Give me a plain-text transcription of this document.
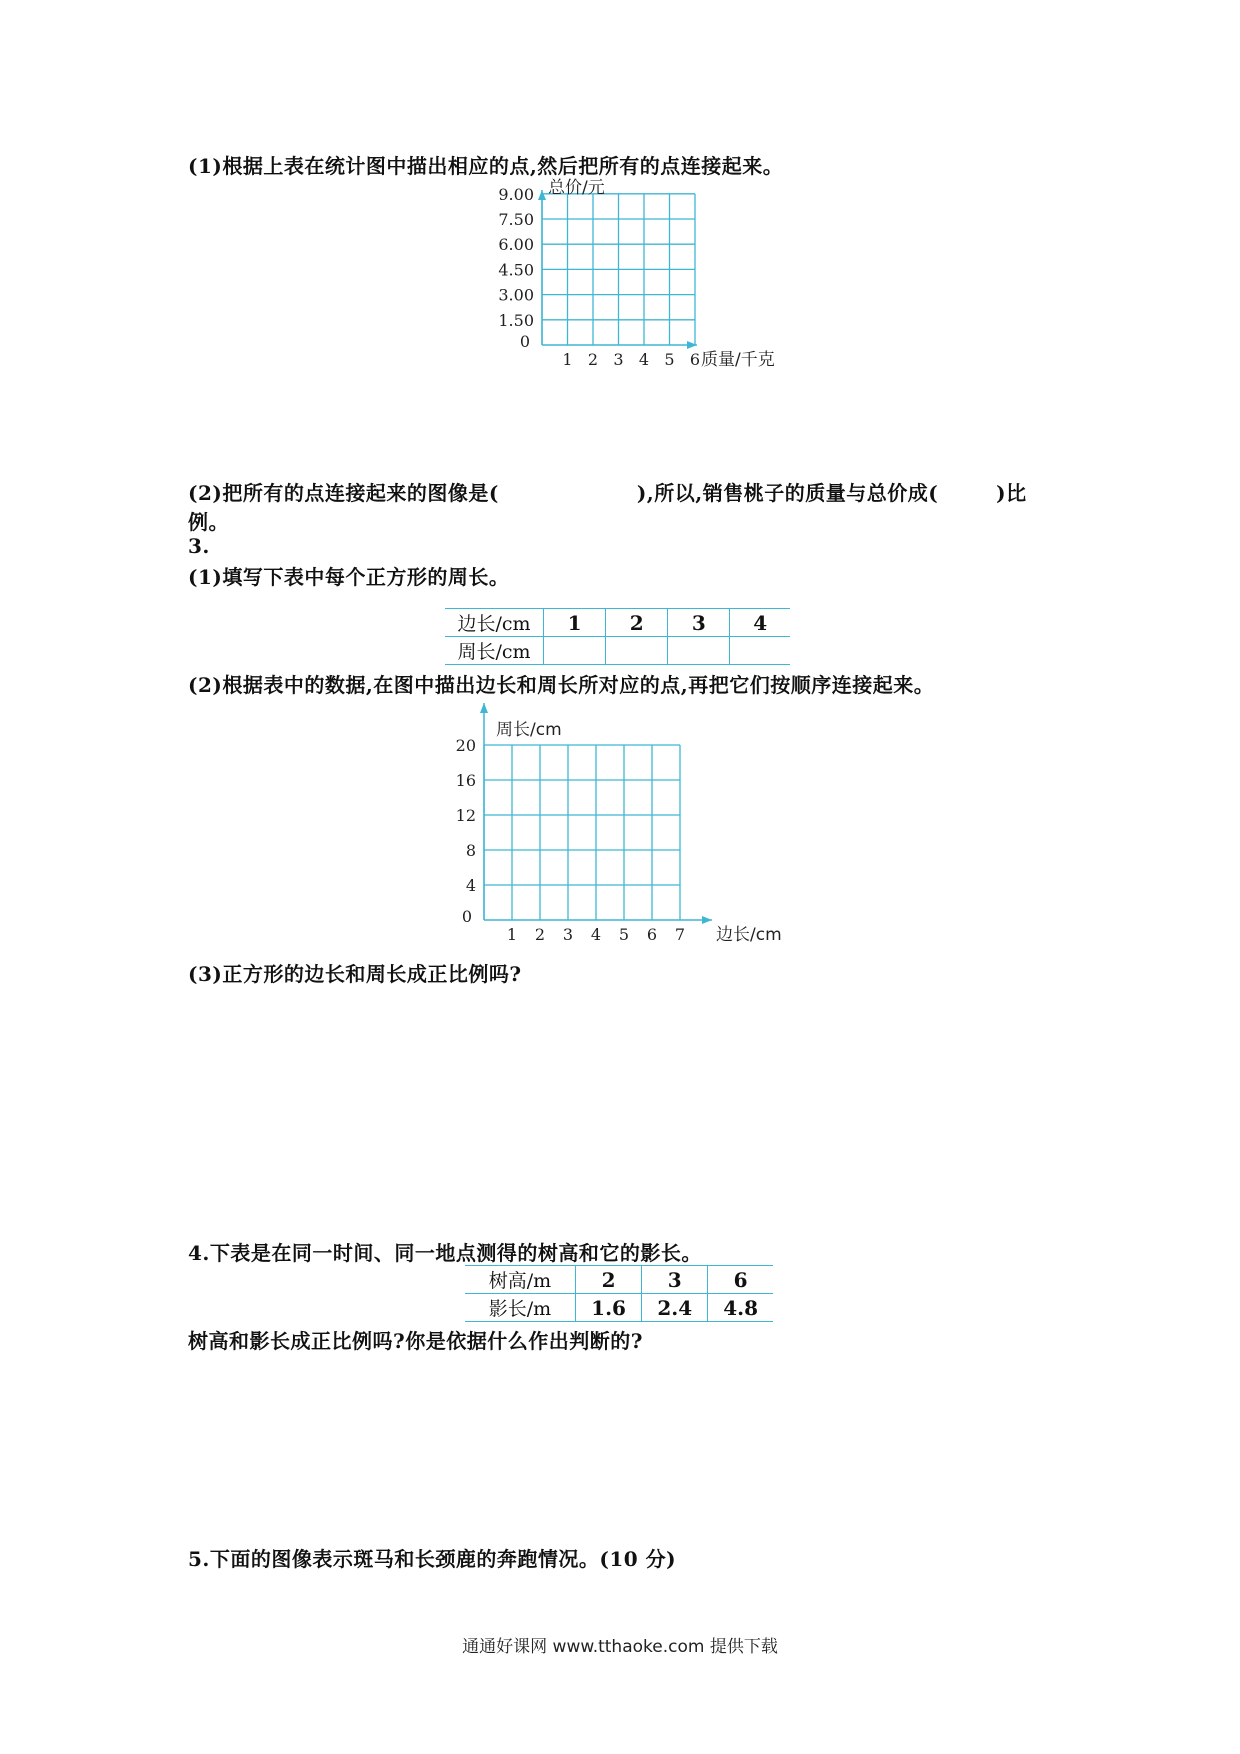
(1)根据上表在统计图中描出相应的点,然后把所有的点连接起来。
9.00
7.50
6.00
4.50
3.00
1.50
0
1 2 3 4 5 6
总价/元
质量/千克
(2)把所有的点连接起来的图像是(	),所以,销售桃子的质量与总价成(	)比
例。
3.
(1)填写下表中每个正方形的周长。
边长/cm	1	2	3	4
周长/cm				
(2)根据表中的数据,在图中描出边长和周长所对应的点,再把它们按顺序连接起来。
20
16
12
8
4
0
1 2 3 4 5 6 7
周长/cm
边长/cm
(3)正方形的边长和周长成正比例吗?
4.下表是在同一时间、同一地点测得的树高和它的影长。
树高/m	2	3	6
影长/m	1.6	2.4	4.8
树高和影长成正比例吗?你是依据什么作出判断的?
5.下面的图像表示斑马和长颈鹿的奔跑情况。(10 分)
通通好课网 www.tthaoke.com 提供下载
